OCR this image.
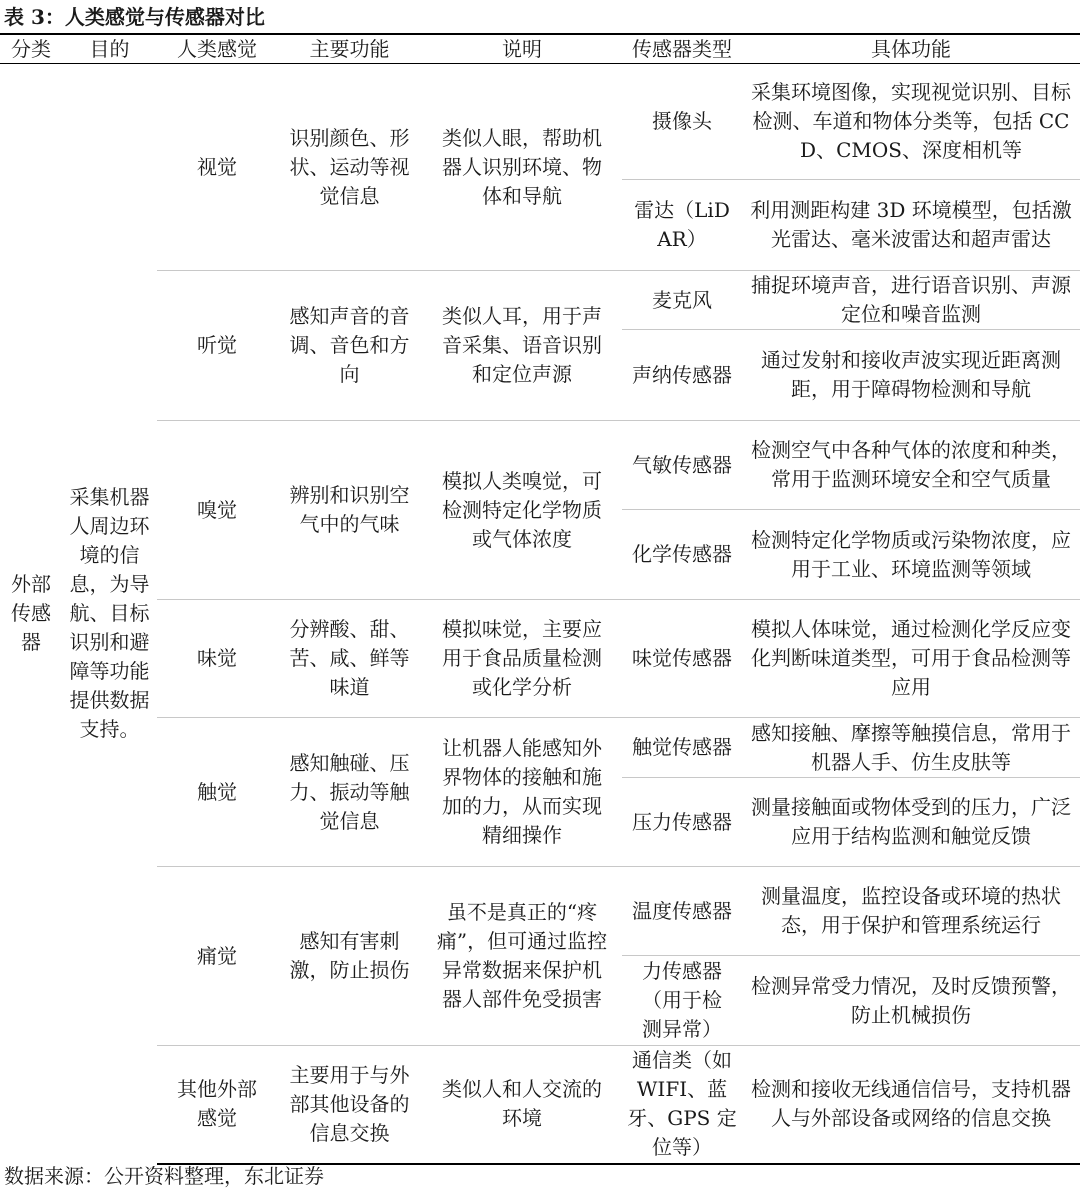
表 3：人类感觉与传感器对比
分类	目的	人类感觉	主要功能	说明	传感器类型	具体功能
外部传感器	采集机器人周边环境的信息，为导航、目标识别和避障等功能提供数据支持。	视觉	识别颜色、形状、运动等视觉信息	类似人眼，帮助机器人识别环境、物体和导航	摄像头	采集环境图像，实现视觉识别、目标检测、车道和物体分类等，包括 CCD、CMOS、深度相机等
					雷达（LiDAR）	利用测距构建 3D 环境模型，包括激光雷达、毫米波雷达和超声雷达
		听觉	感知声音的音调、音色和方向	类似人耳，用于声音采集、语音识别和定位声源	麦克风	捕捉环境声音，进行语音识别、声源定位和噪音监测
					声纳传感器	通过发射和接收声波实现近距离测距，用于障碍物检测和导航
		嗅觉	辨别和识别空气中的气味	模拟人类嗅觉，可检测特定化学物质或气体浓度	气敏传感器	检测空气中各种气体的浓度和种类，常用于监测环境安全和空气质量
					化学传感器	检测特定化学物质或污染物浓度，应用于工业、环境监测等领域
		味觉	分辨酸、甜、苦、咸、鲜等味道	模拟味觉，主要应用于食品质量检测或化学分析	味觉传感器	模拟人体味觉，通过检测化学反应变化判断味道类型，可用于食品检测等应用
		触觉	感知触碰、压力、振动等触觉信息	让机器人能感知外界物体的接触和施加的力，从而实现精细操作	触觉传感器	感知接触、摩擦等触摸信息，常用于机器人手、仿生皮肤等
					压力传感器	测量接触面或物体受到的压力，广泛应用于结构监测和触觉反馈
		痛觉	感知有害刺激，防止损伤	虽不是真正的“疼痛”，但可通过监控异常数据来保护机器人部件免受损害	温度传感器	测量温度，监控设备或环境的热状态，用于保护和管理系统运行
					力传感器（用于检测异常）	检测异常受力情况，及时反馈预警，防止机械损伤
		其他外部感觉	主要用于与外部其他设备的信息交换	类似人和人交流的环境	通信类（如 WIFI、蓝牙、GPS 定位等）	检测和接收无线通信信号，支持机器人与外部设备或网络的信息交换
数据来源：公开资料整理，东北证券
